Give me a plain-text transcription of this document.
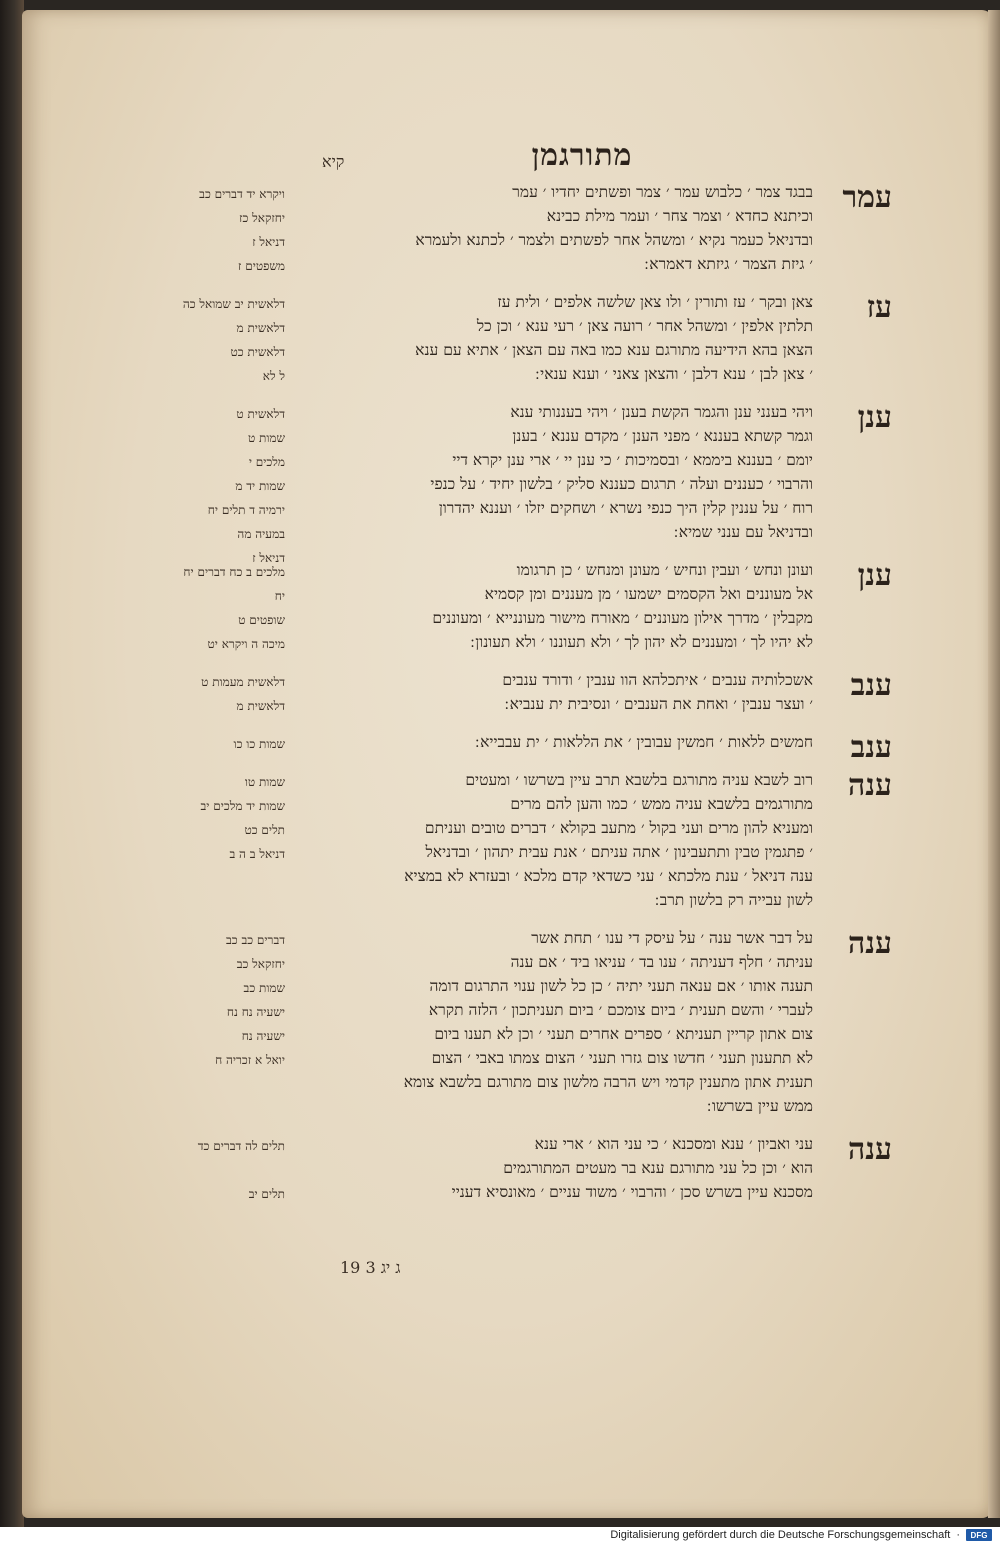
מתורגמן
קיא
עמר
בבגד צמר ׳ כלבוש עמר ׳ צמר ופשתים יחדיו ׳ עמר
וכיתנא כחדא ׳ וצמר צחר ׳ ועמר מילת כבינא
ובדניאל כעמר נקיא ׳ ומשהל אחר לפשתים ולצמר ׳ לכתנא ולעמרא
׳ גיזת הצמר ׳ גיזתא דאמרא ׃
ויקרא יד דברים כב
יחזקאל כז
דניאל ז
משפטים ז
עז
צאן ובקר ׳ עז ותורין ׳ ולו צאן שלשה אלפים ׳ ולית עז
תלתין אלפין ׳ ומשהל אחר ׳ רועה צאן ׳ רעי ענא ׳ וכן כל
הצאן בהא הידיעה מתורגם ענא כמו באה עם הצאן ׳ אתיא עם ענא
׳ צאן לבן ׳ ענא דלבן ׳ והצאן צאני ׳ וענא ענאי ׃
דלאשית יב שמואל כה
דלאשית מ
דלאשית כט
ל לא
ענן
ויהי בענני ענן והגמר הקשת בענן ׳ ויהי בעננותי ענא
וגמר קשתא בעננא ׳ מפני הענן ׳ מקדם עננא ׳ בענן
יומם ׳ בעננא ביממא ׳ ובסמיכות ׳ כי ענן יי ׳ ארי ענן יקרא דיי
והרבוי ׳ כעננים ועלה ׳ תרגום כעננא סליק ׳ בלשון יחיד ׳ על כנפי
רוח ׳ על עננין קלין היך כנפי נשרא ׳ ושחקים יזלו ׳ ועננא יהדרון
ובדניאל עם ענני שמיא ׃
דלאשית ט
שמות ט
מלכים י
שמות יד מ
ירמיה ד תלים יח
במעיה מה
דניאל ז	ענן
ועונן ונחש ׳ ועבין ונחיש ׳ מעונן ומנחש ׳ כן תרגומו
אל מעוננים ואל הקסמים ישמעו ׳ מן מעננים ומן קסמיא
מקבלין ׳ מדרך אילון מעוננים ׳ מאורח מישור מעוננייא ׳ ומעוננים
לא יהיו לך ׳ ומעננים לא יהון לך ׳ ולא תעוננו ׳ ולא תעונון ׃
מלכים ב כח דברים יח
יח
שופטים ט
מיכה ה ויקרא יט
ענב
אשכלותיה ענבים ׳ איתכלהא הוו ענבין ׳ ודורד ענבים
׳ ועצר ענבין ׳ ואחת את הענבים ׳ ונסיבית ית ענביא ׃
דלאשית מעמות ט
דלאשית מ
ענב
חמשים ללאות ׳ חמשין עבובין ׳ את הללאות ׳ ית עבבייא ׃
שמות כו כו
ענה
רוב לשבא עניה מתורגם בלשבא תרב עיין בשרשו ׳ ומעטים
מתורגמים בלשבא עניה ממש ׳ כמו והען להם מרים
ומעניא להון מרים ועני בקול ׳ מתעב בקולא ׳ דברים טובים ועניתם
׳ פתגמין טבין ותתעבינון ׳ אתה עניתם ׳ אנת עבית יתהון ׳ ובדניאל
ענה דניאל ׳ ענת מלכתא ׳ עני כשדאי קדם מלכא ׳ ובעזרא לא במציא
לשון עבייה רק בלשון תרב ׃
שמות טו
שמות יד מלכים יב
תלים כט
דניאל ב ה ב
ענה
על דבר אשר ענה ׳ על עיסק די ענו ׳ תחת אשר
עניתה ׳ חלף דעניתה ׳ ענו בד ׳ עניאו ביד ׳ אם ענה
תענה אותו ׳ אם ענאה תעני יתיה ׳ כן כל לשון ענוי התרגום דומה
לעברי ׳ והשם תענית ׳ ביום צומכם ׳ ביום תעניתכון ׳ הלזה תקרא
צום אתון קריין תעניתא ׳ ספרים אחרים תעני ׳ וכן לא תענו ביום
לא תתענון תעני ׳ חדשו צום גזרו תעני ׳ הצום צמתו באבי ׳ הצום
תענית אתון מתענין קדמי ויש הרבה מלשון צום מתורגם בלשבא צומא
ממש עיין בשרשו ׃
דברים כב כב
יחזקאל כב
שמות כב
ישעיה נח נח
ישעיה נח
יואל א זכריה ח
ענה
עני ואביון ׳ ענא ומסכנא ׳ כי עני הוא ׳ ארי ענא
הוא ׳ וכן כל עני מתורגם ענא בר מעטים המתורגמים
מסכנא עיין בשרש סכן ׳ והרבוי ׳ משוד עניים ׳ מאונסיא דעניי
תלים לה דברים כד
תלים יב
ג יג 3 19
Digitalisierung gefördert durch die Deutsche Forschungsgemeinschaft ·	DFG
